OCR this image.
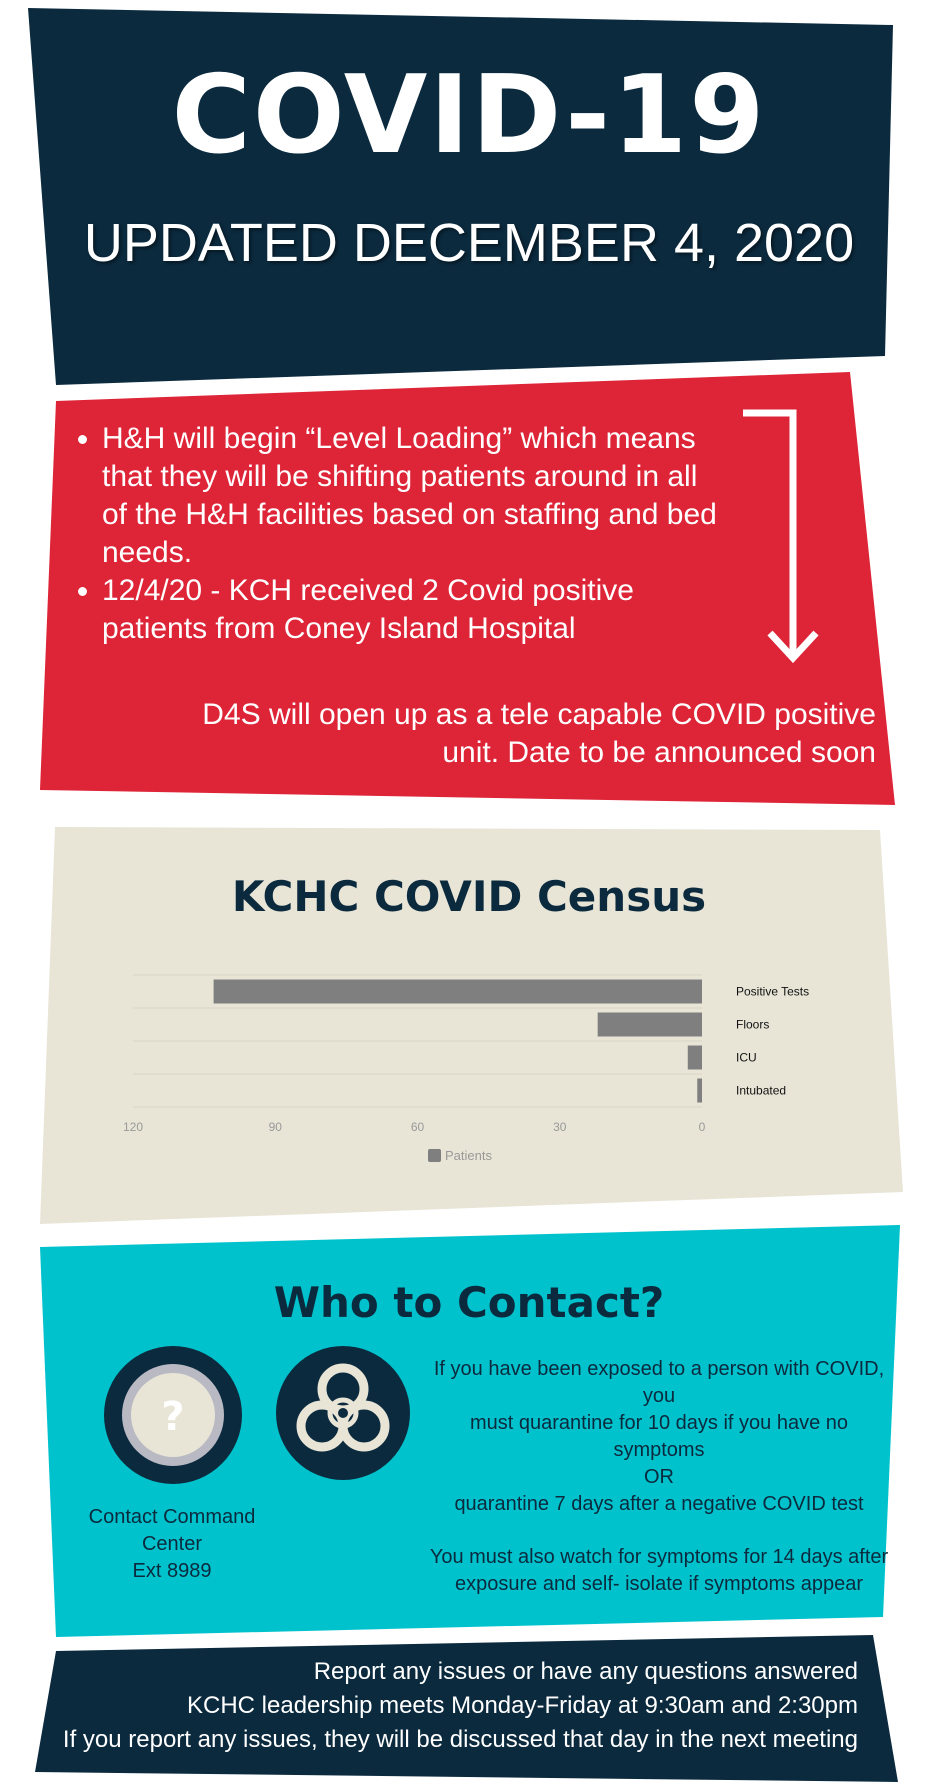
COVID-19
UPDATED DECEMBER 4, 2020
• H&H will begin “Level Loading” which means that they will be shifting patients around in all of the H&H facilities based on staffing and bed needs.
• 12/4/20 - KCH received 2 Covid positive patients from Coney Island Hospital
D4S will open up as a tele capable COVID positive unit. Date to be announced soon
KCHC COVID Census
Positive Tests
Floors
ICU
Intubated
120	90	60	30	0
Patients
Who to Contact?
?
Contact Command
Center
Ext 8989
If you have been exposed to a person with COVID, you
must quarantine for 10 days if you have no symptoms
OR
quarantine 7 days after a negative COVID test
You must also watch for symptoms for 14 days after
exposure and self- isolate if symptoms appear
Report any issues or have any questions answered
KCHC leadership meets Monday-Friday at 9:30am and 2:30pm
If you report any issues, they will be discussed that day in the next meeting
